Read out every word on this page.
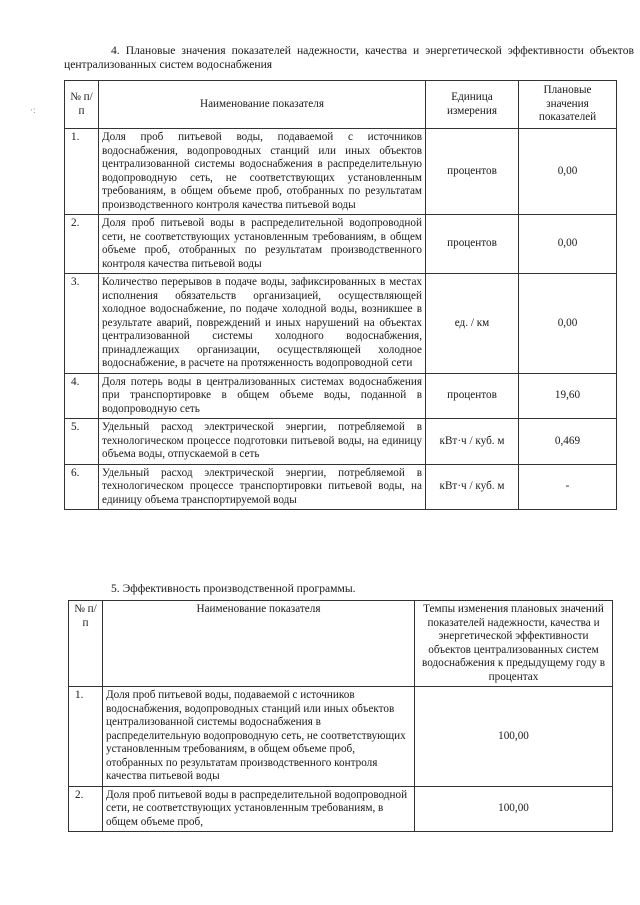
·:
4. Плановые значения показателей надежности, качества и энергетической эффективности объектов централизованных систем водоснабжения
№ п/п	Наименование показателя	Единица измерения	Плановые значения показателей
1.	Доля проб питьевой воды, подаваемой с источников водоснабжения, водопроводных станций или иных объектов централизованной системы водоснабжения в распределительную водопроводную сеть, не соответствующих установленным требованиям, в общем объеме проб, отобранных по результатам производственного контроля качества питьевой воды	процентов	0,00
2.	Доля проб питьевой воды в распределительной водопроводной сети, не соответствующих установленным требованиям, в общем объеме проб, отобранных по результатам производственного контроля качества питьевой воды	процентов	0,00
3.	Количество перерывов в подаче воды, зафиксированных в местах исполнения обязательств организацией, осуществляющей холодное водоснабжение, по подаче холодной воды, возникшее в результате аварий, повреждений и иных нарушений на объектах централизованной системы холодного водоснабжения, принадлежащих организации, осуществляющей холодное водоснабжение, в расчете на протяженность водопроводной сети	ед. / км	0,00
4.	Доля потерь воды в централизованных системах водоснабжения при транспортировке в общем объеме воды, поданной в водопроводную сеть	процентов	19,60
5.	Удельный расход электрической энергии, потребляемой в технологическом процессе подготовки питьевой воды, на единицу объема воды, отпускаемой в сеть	кВт·ч / куб. м	0,469
6.	Удельный расход электрической энергии, потребляемой в технологическом процессе транспортировки питьевой воды, на единицу объема транспортируемой воды	кВт·ч / куб. м	-
5. Эффективность производственной программы.
№ п/п	Наименование показателя	Темпы изменения плановых значений показателей надежности, качества и энергетической эффективности объектов централизованных систем водоснабжения к предыдущему году в процентах
1.	Доля проб питьевой воды, подаваемой с источников водоснабжения, водопроводных станций или иных объектов централизованной системы водоснабжения в распределительную водопроводную сеть, не соответствующих установленным требованиям, в общем объеме проб, отобранных по результатам производственного контроля качества питьевой воды	100,00
2.	Доля проб питьевой воды в распределительной водопроводной сети, не соответствующих установленным требованиям, в общем объеме проб,	100,00
